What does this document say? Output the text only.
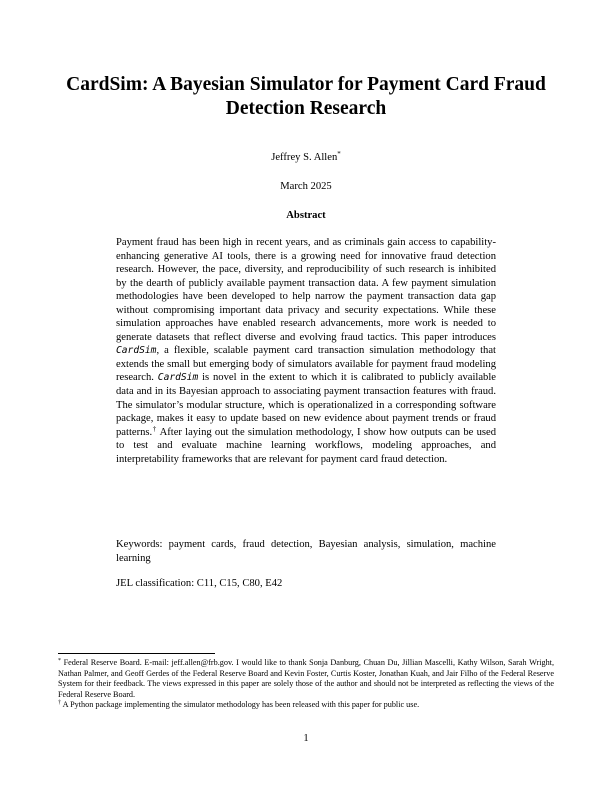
CardSim: A Bayesian Simulator for Payment Card Fraud Detection Research
Jeffrey S. Allen*
March 2025
Abstract

Payment fraud has been high in recent years, and as criminals gain access to capability-enhancing generative AI tools, there is a growing need for innovative fraud detection research. However, the pace, diversity, and reproducibility of such research is inhibited by the dearth of publicly available payment transaction data. A few payment simulation methodologies have been developed to help narrow the payment transaction data gap without compromising important data privacy and security expectations. While these simulation approaches have enabled research advancements, more work is needed to generate datasets that reflect diverse and evolving fraud tactics. This paper introduces CardSim, a flexible, scalable payment card transaction simulation methodology that extends the small but emerging body of simulators available for payment fraud modeling research. CardSim is novel in the extent to which it is calibrated to publicly available data and in its Bayesian approach to associating payment transaction features with fraud. The simulator’s modular structure, which is operationalized in a corresponding software package, makes it easy to update based on new evidence about payment trends or fraud patterns.† After laying out the simulation methodology, I show how outputs can be used to test and evaluate machine learning workflows, modeling approaches, and interpretability frameworks that are relevant for payment card fraud detection.

Keywords: payment cards, fraud detection, Bayesian analysis, simulation, machine learning

JEL classification: C11, C15, C80, E42

* Federal Reserve Board. E-mail: jeff.allen@frb.gov. I would like to thank Sonja Danburg, Chuan Du, Jillian Mascelli, Kathy Wilson, Sarah Wright, Nathan Palmer, and Geoff Gerdes of the Federal Reserve Board and Kevin Foster, Curtis Koster, Jonathan Kuah, and Jair Filho of the Federal Reserve System for their feedback. The views expressed in this paper are solely those of the author and should not be interpreted as reflecting the views of the Federal Reserve Board.

† A Python package implementing the simulator methodology has been released with this paper for public use.

1
